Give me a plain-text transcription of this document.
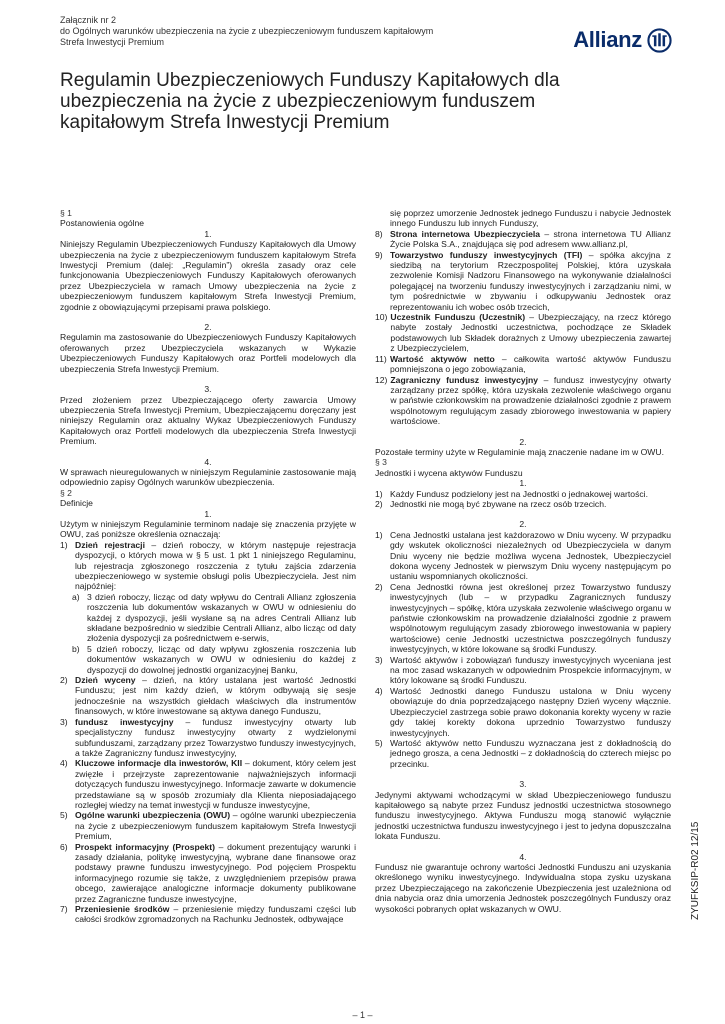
Załącznik nr 2
do Ogólnych warunków ubezpieczenia na życie z ubezpieczeniowym funduszem kapitałowym
Strefa Inwestycji Premium	Allianz
Regulamin Ubezpieczeniowych Funduszy Kapitałowych dla ubezpieczenia na życie z ubezpieczeniowym funduszem kapitałowym Strefa Inwestycji Premium

§ 1

Postanowienia ogólne

1.

Niniejszy Regulamin Ubezpieczeniowych Funduszy Kapitałowych dla Umowy ubezpieczenia na życie z ubezpieczeniowym funduszem kapitałowym Strefa Inwestycji Premium (dalej: „Regulamin”) określa zasady oraz cele funkcjonowania Ubezpieczeniowych Funduszy Kapitałowych oferowanych przez Ubezpieczyciela w ramach Umowy ubezpieczenia na życie z ubezpieczeniowym funduszem kapitałowym Strefa Inwestycji Premium, zgodnie z obowiązującymi przepisami prawa polskiego.

2.

Regulamin ma zastosowanie do Ubezpieczeniowych Funduszy Kapitałowych oferowanych przez Ubezpieczyciela wskazanych w Wykazie Ubezpieczeniowych Funduszy Kapitałowych oraz Portfeli modelowych dla ubezpieczenia Strefa Inwestycji Premium.

3.

Przed złożeniem przez Ubezpieczającego oferty zawarcia Umowy ubezpieczenia Strefa Inwestycji Premium, Ubezpieczającemu doręczany jest niniejszy Regulamin oraz aktualny Wykaz Ubezpieczeniowych Funduszy Kapitałowych oraz Portfeli modelowych dla ubezpieczenia Strefa Inwestycji Premium.

4.

W sprawach nieuregulowanych w niniejszym Regulaminie zastosowanie mają odpowiednio zapisy Ogólnych warunków ubezpieczenia.

§ 2

Definicje

1.

Użytym w niniejszym Regulaminie terminom nadaje się znaczenia przyjęte w OWU, zaś poniższe określenia oznaczają:

1) Dzień rejestracji – dzień roboczy, w którym następuje rejestracja dyspozycji, o których mowa w § 5 ust. 1 pkt 1 niniejszego Regulaminu, lub rejestracja zgłoszonego roszczenia z tytułu zajścia zdarzenia ubezpieczeniowego w systemie obsługi polis Ubezpieczyciela. Jest nim najpóźniej:
a) 3 dzień roboczy, licząc od daty wpływu do Centrali Allianz zgłoszenia roszczenia lub dokumentów wskazanych w OWU w odniesieniu do każdej z dyspozycji, jeśli wysłane są na adres Centrali Allianz lub składane bezpośrednio w siedzibie Centrali Allianz, albo licząc od daty złożenia dyspozycji za pośrednictwem e-serwis,
b) 5 dzień roboczy, licząc od daty wpływu zgłoszenia roszczenia lub dokumentów wskazanych w OWU w odniesieniu do każdej z dyspozycji do dowolnej jednostki organizacyjnej Banku,
2) Dzień wyceny – dzień, na który ustalana jest wartość Jednostki Funduszu; jest nim każdy dzień, w którym odbywają się sesje jednocześnie na wszystkich giełdach właściwych dla instrumentów finansowych, w które inwestowane są aktywa danego Funduszu,
3) fundusz inwestycyjny – fundusz inwestycyjny otwarty lub specjalistyczny fundusz inwestycyjny otwarty z wydzielonymi subfunduszami, zarządzany przez Towarzystwo funduszy inwestycyjnych, a także Zagraniczny fundusz inwestycyjny,
4) Kluczowe informacje dla inwestorów, KII – dokument, który celem jest zwięzłe i przejrzyste zaprezentowanie najważniejszych informacji dotyczących funduszu inwestycyjnego. Informacje zawarte w dokumencie przedstawiane są w sposób zrozumiały dla Klienta nieposiadającego rozległej wiedzy na temat inwestycji w fundusze inwestycyjne,
5) Ogólne warunki ubezpieczenia (OWU) – ogólne warunki ubezpieczenia na życie z ubezpieczeniowym funduszem kapitałowym Strefa Inwestycji Premium,
6) Prospekt informacyjny (Prospekt) – dokument prezentujący warunki i zasady działania, politykę inwestycyjną, wybrane dane finansowe oraz podstawy prawne funduszu inwestycyjnego. Pod pojęciem Prospektu informacyjnego rozumie się także, z uwzględnieniem przepisów prawa obcego, zawierające analogiczne informacje dokumenty publikowane przez Zagraniczne fundusze inwestycyjne,
7) Przeniesienie środków – przeniesienie między funduszami części lub całości środków zgromadzonych na Rachunku Jednostek, odbywające
się poprzez umorzenie Jednostek jednego Funduszu i nabycie Jednostek innego Funduszu lub innych Funduszy,
8) Strona internetowa Ubezpieczyciela – strona internetowa TU Allianz Życie Polska S.A., znajdująca się pod adresem www.allianz.pl,
9) Towarzystwo funduszy inwestycyjnych (TFI) – spółka akcyjna z siedzibą na terytorium Rzeczpospolitej Polskiej, która uzyskała zezwolenie Komisji Nadzoru Finansowego na wykonywanie działalności polegającej na tworzeniu funduszy inwestycyjnych i zarządzaniu nimi, w tym pośrednictwie w zbywaniu i odkupywaniu Jednostek oraz reprezentowaniu ich wobec osób trzecich,
10) Uczestnik Funduszu (Uczestnik) – Ubezpieczający, na rzecz którego nabyte zostały Jednostki uczestnictwa, pochodzące ze Składek podstawowych lub Składek dorażnych z Umowy ubezpieczenia zawartej z Ubezpieczycielem,
11) Wartość aktywów netto – całkowita wartość aktywów Funduszu pomniejszona o jego zobowiązania,
12) Zagraniczny fundusz inwestycyjny – fundusz inwestycyjny otwarty zarządzany przez spółkę, która uzyskała zezwolenie właściwego organu w państwie członkowskim na prowadzenie działalności zgodnie z prawem wspólnotowym regulującym zasady zbiorowego inwestowania w papiery wartościowe.

2.

Pozostałe terminy użyte w Regulaminie mają znaczenie nadane im w OWU.

§ 3

Jednostki i wycena aktywów Funduszu

1.

1) Każdy Fundusz podzielony jest na Jednostki o jednakowej wartości.
2) Jednostki nie mogą być zbywane na rzecz osób trzecich.

2.

1) Cena Jednostki ustalana jest każdorazowo w Dniu wyceny. W przypadku gdy wskutek okoliczności niezależnych od Ubezpieczyciela w danym Dniu wyceny nie będzie możliwa wycena Jednostek, Ubezpieczyciel dokona wyceny Jednostek w pierwszym Dniu wyceny następującym po ustaniu wspomnianych okoliczności.
2) Cena Jednostki równa jest określonej przez Towarzystwo funduszy inwestycyjnych (lub – w przypadku Zagranicznych funduszy inwestycyjnych – spółkę, która uzyskała zezwolenie właściwego organu w państwie członkowskim na prowadzenie działalności zgodnie z prawem wspólnotowym regulującym zasady zbiorowego inwestowania w papiery wartościowe) cenie Jednostki uczestnictwa poszczególnych funduszy inwestycyjnych, w które lokowane są środki Funduszy.
3) Wartość aktywów i zobowiązań funduszy inwestycyjnych wyceniana jest na moc zasad wskazanych w odpowiednim Prospekcie informacyjnym, w który lokowane są środki Funduszu.
4) Wartość Jednostki danego Funduszu ustalona w Dniu wyceny obowiązuje do dnia poprzedzającego następny Dzień wyceny włącznie. Ubezpieczyciel zastrzega sobie prawo dokonania korekty wyceny w razie gdy takiej korekty dokona uprzednio Towarzystwo funduszy inwestycyjnych.
5) Wartość aktywów netto Funduszu wyznaczana jest z dokładnością do jednego grosza, a cena Jednostki – z dokładnością do czterech miejsc po przecinku.

3.

Jedynymi aktywami wchodzącymi w skład Ubezpieczeniowego funduszu kapitałowego są nabyte przez Fundusz jednostki uczestnictwa stosownego funduszu inwestycyjnego. Aktywa Funduszu mogą stanowić wyłącznie jednostki uczestnictwa funduszu inwestycyjnego i jest to jedyna dopuszczalna lokata Funduszu.

4.

Fundusz nie gwarantuje ochrony wartości Jednostki Funduszu ani uzyskania określonego wyniku inwestycyjnego. Indywidualna stopa zysku uzyskana przez Ubezpieczającego na zakończenie Ubezpieczenia jest uzależniona od dnia nabycia oraz dnia umorzenia Jednostek poszczególnych Funduszy oraz wysokości pobranych opłat wskazanych w OWU.	ZYUFKSIP-R02 12/15
– 1 –
